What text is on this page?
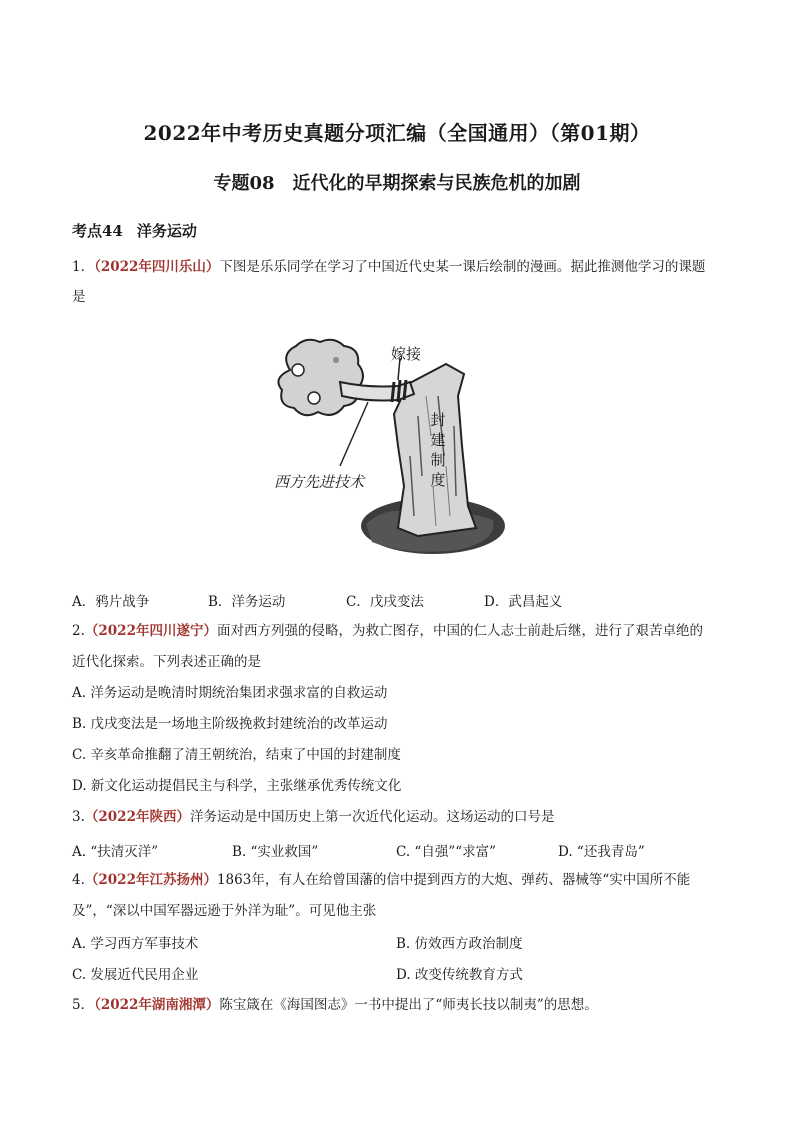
2022年中考历史真题分项汇编（全国通用）（第01期）
专题08　近代化的早期探索与民族危机的加剧
考点44 洋务运动
1．（2022年四川乐山）下图是乐乐同学在学习了中国近代史某一课后绘制的漫画。据此推测他学习的课题
是
嫁接
封建制度
西方先进技术
A．鸦片战争	B．洋务运动	C．戊戌变法	D．武昌起义
2.（2022年四川遂宁）面对西方列强的侵略，为救亡图存，中国的仁人志士前赴后继，进行了艰苦卓绝的
近代化探索。下列表述正确的是
A. 洋务运动是晚清时期统治集团求强求富的自救运动
B. 戊戌变法是一场地主阶级挽救封建统治的改革运动
C. 辛亥革命推翻了清王朝统治，结束了中国的封建制度
D. 新文化运动提倡民主与科学，主张继承优秀传统文化
3.（2022年陕西）洋务运动是中国历史上第一次近代化运动。这场运动的口号是
A. “扶清灭洋”	B. “实业救国”	C. “自强”“求富”	D. “还我青岛”
4.（2022年江苏扬州）1863年，有人在给曾国藩的信中提到西方的大炮、弹药、器械等“实中国所不能
及”，“深以中国军器远逊于外洋为耻”。可见他主张
A. 学习西方军事技术	B. 仿效西方政治制度
C. 发展近代民用企业	D. 改变传统教育方式
5．（2022年湖南湘潭）陈宝箴在《海国图志》一书中提出了“师夷长技以制夷”的思想。
